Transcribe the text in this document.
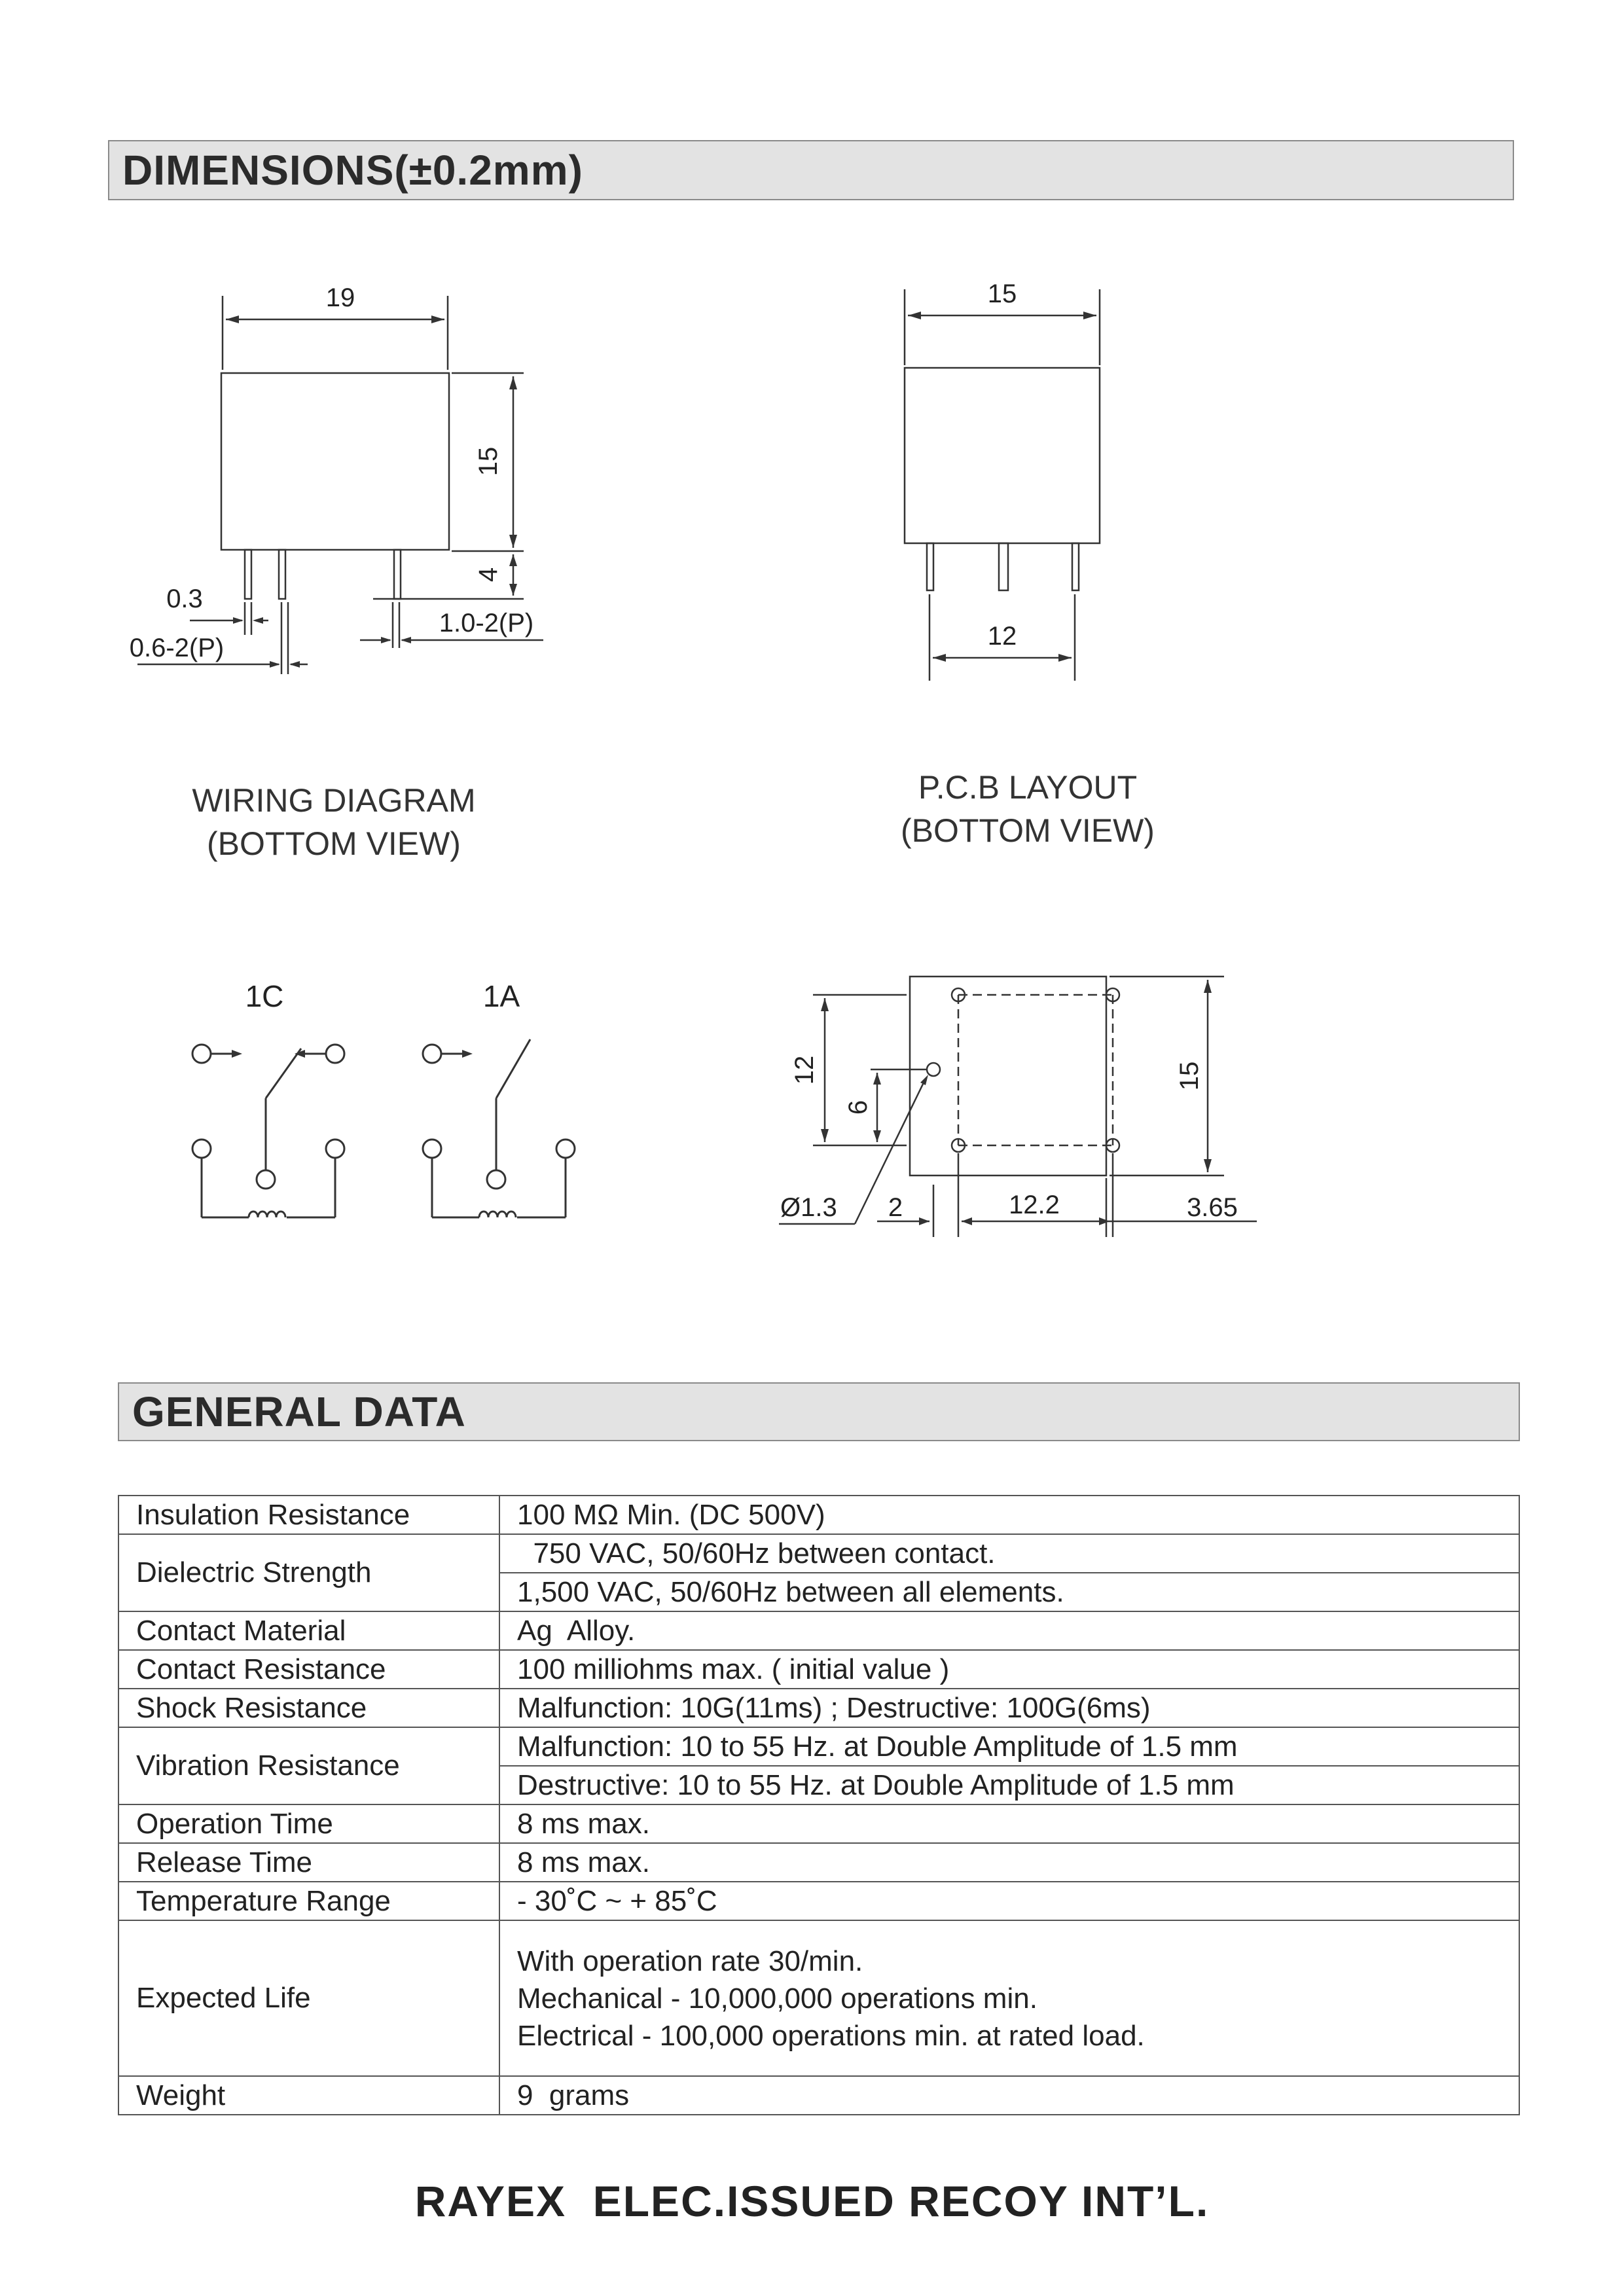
DIMENSIONS(±0.2mm)
19
15
4
0.3
0.6-2(P)
1.0-2(P)
15
12
WIRING DIAGRAM
(BOTTOM VIEW)
P.C.B LAYOUT
(BOTTOM VIEW)
1C	1A
12
6
15
Ø1.3 2	12.2	3.65
GENERAL DATA
Insulation Resistance	100 MΩ Min. (DC 500V)
Dielectric Strength	750 VAC, 50/60Hz between contact.
	1,500 VAC, 50/60Hz between all elements.
Contact Material	Ag  Alloy.
Contact Resistance	100 milliohms max. ( initial value )
Shock Resistance	Malfunction: 10G(11ms) ; Destructive: 100G(6ms)
Vibration Resistance	Malfunction: 10 to 55 Hz. at Double Amplitude of 1.5 mm
	Destructive: 10 to 55 Hz. at Double Amplitude of 1.5 mm
Operation Time	8 ms max.
Release Time	8 ms max.
Temperature Range	- 30˚C ~ + 85˚C
Expected Life	With operation rate 30/min.
Mechanical - 10,000,000 operations min.
Electrical - 100,000 operations min. at rated load.

Weight	9  grams
RAYEX  ELEC.ISSUED RECOY INT’L.
